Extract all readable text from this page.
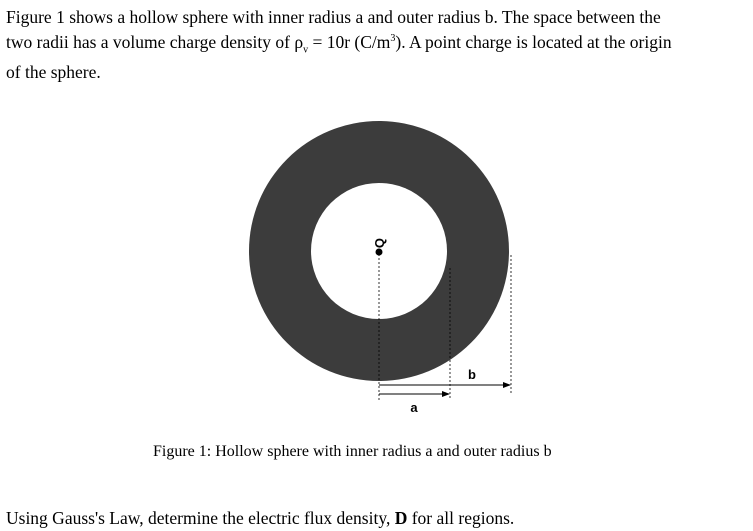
Figure 1 shows a hollow sphere with inner radius a and outer radius b. The space between the
two radii has a volume charge density of $\rho_v = 10r$ $(C/m^3)$. A point charge is located at the origin
of the sphere.
Q
b
a
Figure 1: Hollow sphere with inner radius a and outer radius b
Using Gauss's Law, determine the electric flux density, D for all regions.
